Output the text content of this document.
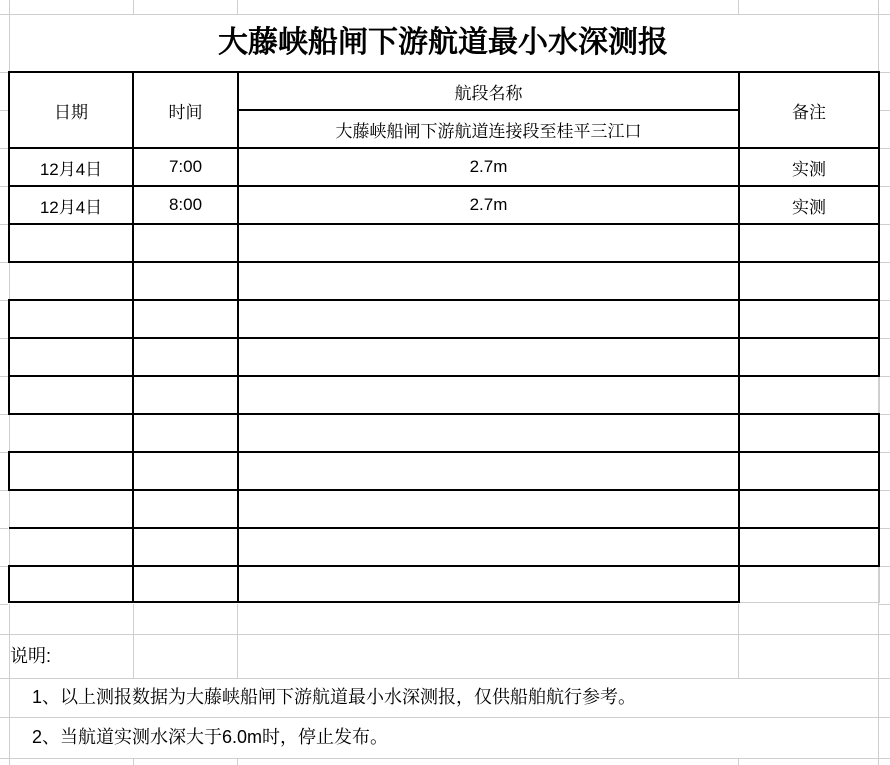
大藤峡船闸下游航道最小水深测报
日期	时间	航段名称	备注
		大藤峡船闸下游航道连接段至桂平三江口	
12月4日	7:00	2.7m	实测
12月4日	8:00	2.7m	实测

说明:
1、以上测报数据为大藤峡船闸下游航道最小水深测报，仅供船舶航行参考。
2、当航道实测水深大于6.0m时，停止发布。
